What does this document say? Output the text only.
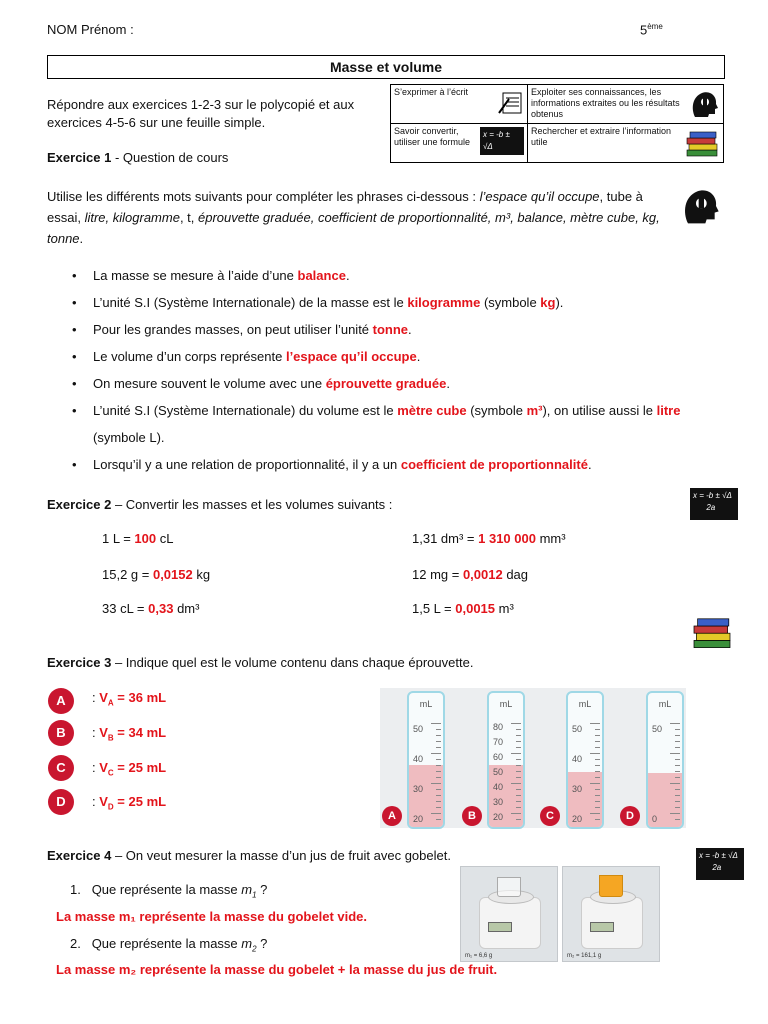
NOM Prénom :	5ème
Masse et volume
Répondre aux exercices 1-2-3 sur le polycopié et aux exercices 4-5-6 sur une feuille simple.
S’exprimer à l’écrit	Exploiter ses connaissances, les informations extraites ou les résultats obtenus

Savoir convertir, utiliser une formule
x = -b ± √Δ
2a	Rechercher et extraire l’information utile
Exercice 1 - Question de cours
Utilise les différents mots suivants pour compléter les phrases ci-dessous : l’espace qu’il occupe, tube à essai, litre, kilogramme, t, éprouvette graduée, coefficient de proportionnalité, m³, balance, mètre cube, kg, tonne.
• La masse se mesure à l’aide d’une balance.
• L’unité S.I (Système Internationale) de la masse est le kilogramme (symbole kg).
• Pour les grandes masses, on peut utiliser l’unité tonne.
• Le volume d’un corps représente l’espace qu’il occupe.
• On mesure souvent le volume avec une éprouvette graduée.
• L’unité S.I (Système Internationale) du volume est le mètre cube (symbole m³), on utilise aussi le litre
(symbole L).
• Lorsqu’il y a une relation de proportionnalité, il y a un coefficient de proportionnalité.
Exercice 2 – Convertir les masses et les volumes suivants :
x = -b ± √Δ
2a
1 L = 100 cL	1,31 dm³ = 1 310 000 mm³
15,2 g = 0,0152 kg	12 mg = 0,0012 dag
33 cL = 0,33 dm³	1,5 L = 0,0015 m³
Exercice 3 – Indique quel est le volume contenu dans chaque éprouvette.
A	: $V_A = 36$ mL
B	: $V_B = 34$ mL
C	: $V_C = 25$ mL
D	: $V_D = 25$ mL
mL
50
40
30
20
mL
80
70
60
50
40
30
20
mL
50
40
30
20
mL
50
0
A	B	C	D
Exercice 4 – On veut mesurer la masse d’un jus de fruit avec gobelet.	x = -b ± √Δ
2a
1.   Que représente la masse $m_1$ ?
La masse m₁ représente la masse du gobelet vide.
2.   Que représente la masse $m_2$ ?
La masse m₂ représente la masse du gobelet + la masse du jus de fruit.
m₁ = 6,6 g	m₂ = 161,1 g
